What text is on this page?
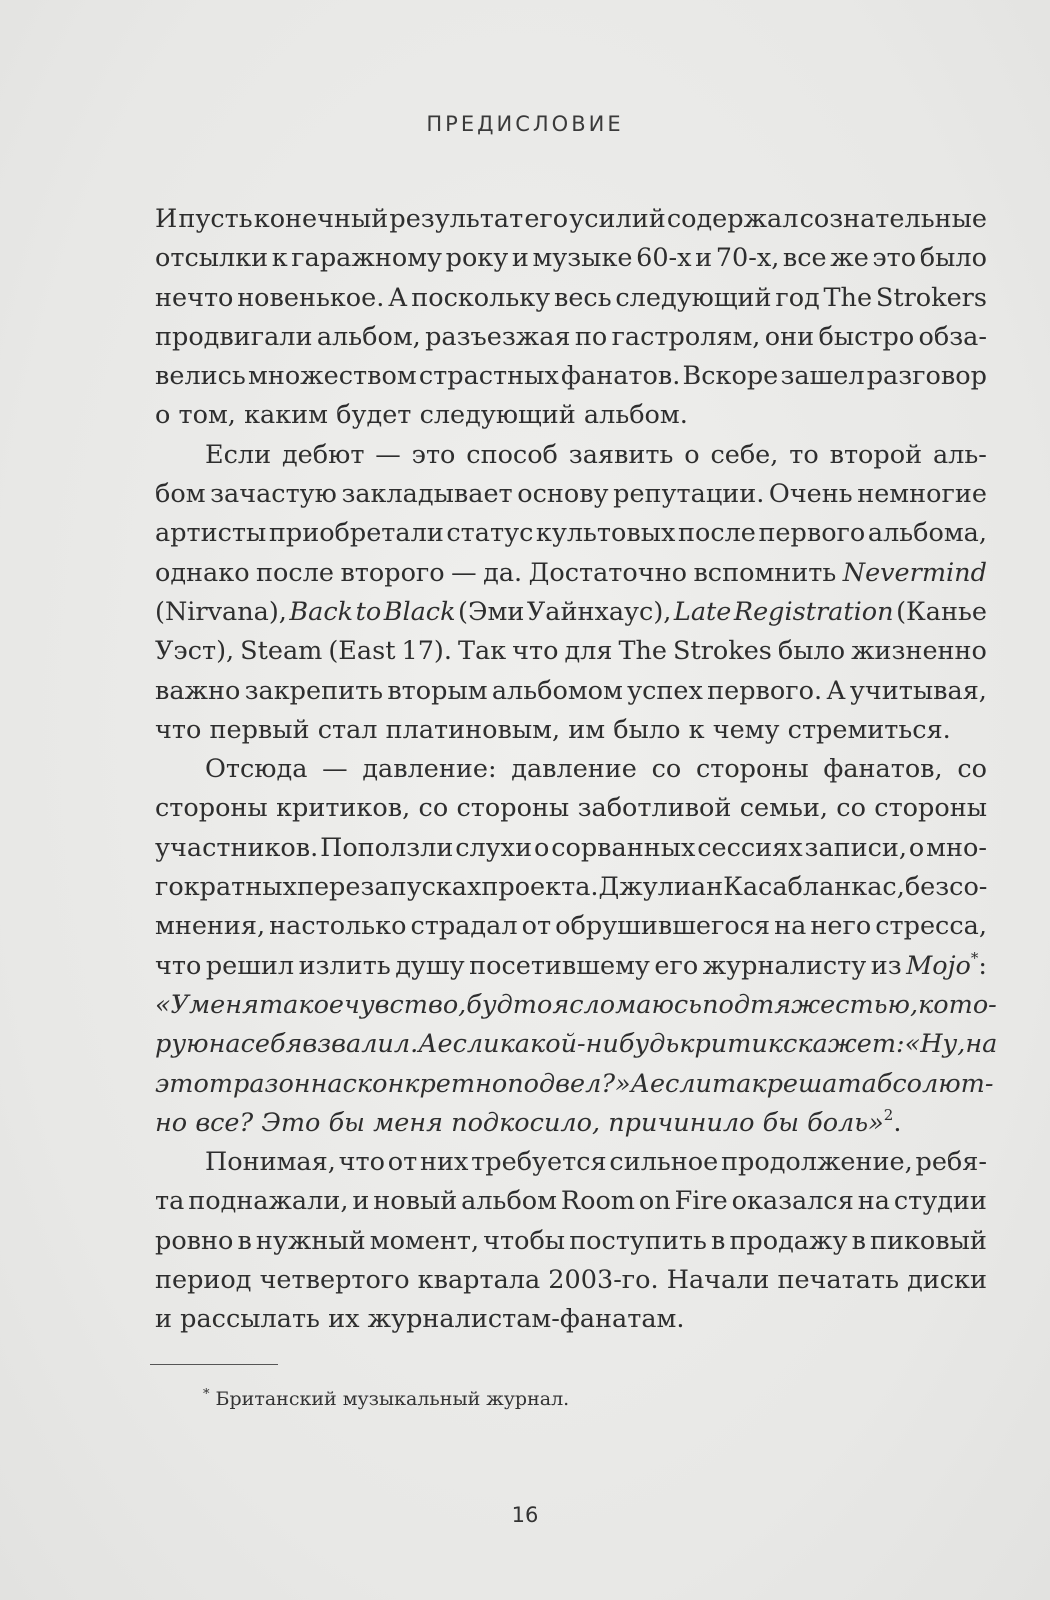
ПРЕДИСЛОВИЕ
И пусть конечный результат его усилий содержал сознательные
отсылки к гаражному року и музыке 60-х и 70-х, все же это было
нечто новенькое. А поскольку весь следующий год The Strokers
продвигали альбом, разъезжая по гастролям, они быстро обза-
велись множеством страстных фанатов. Вскоре зашел разговор
о том, каким будет следующий альбом.
Если дебют — это способ заявить о себе, то второй аль-
бом зачастую закладывает основу репутации. Очень немногие
артисты приобретали статус культовых после первого альбома,
однако после второго — да. Достаточно вспомнить Nevermind
(Nirvana), Back to Black (Эми Уайнхаус), Late Registration (Канье
Уэст), Steam (East 17). Так что для The Strokes было жизненно
важно закрепить вторым альбомом успех первого. А учитывая,
что первый стал платиновым, им было к чему стремиться.
Отсюда — давление: давление со стороны фанатов, со
стороны критиков, со стороны заботливой семьи, со стороны
участников. Поползли слухи о сорванных сессиях записи, о мно-
гократных перезапусках проекта. Джулиан Касабланкас, без со-
мнения, настолько страдал от обрушившегося на него стресса,
что решил излить душу посетившему его журналисту из Mojo*:
«У меня такое чувство, будто я сломаюсь под тяжестью, кото-
рую на себя взвалил. А если какой-нибудь критик скажет: «Ну, на
этот раз он нас конкретно подвел?» А если так решат абсолют-
но все? Это бы меня подкосило, причинило бы боль»$^2$.
Понимая, что от них требуется сильное продолжение, ребя-
та поднажали, и новый альбом Room on Fire оказался на студии
ровно в нужный момент, чтобы поступить в продажу в пиковый
период четвертого квартала 2003-го. Начали печатать диски
и рассылать их журналистам-фанатам.
* Британский музыкальный журнал.
16
